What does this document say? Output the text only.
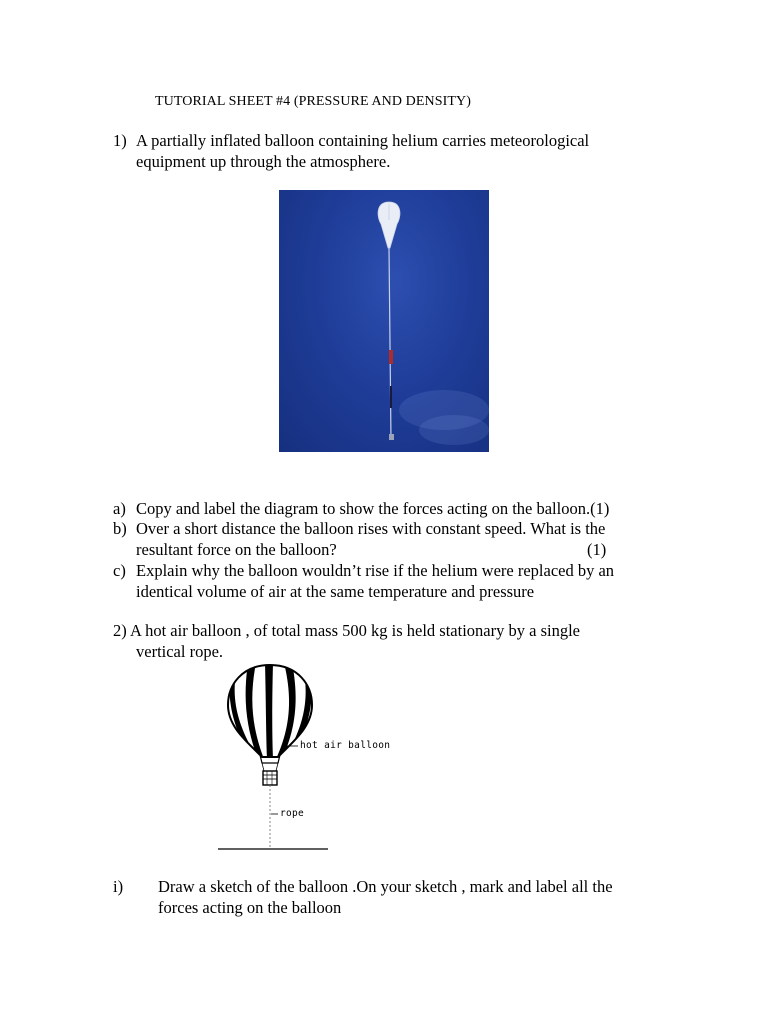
TUTORIAL SHEET #4 (PRESSURE AND DENSITY)
1) A partially inflated balloon containing helium carries meteorological
equipment up through the atmosphere.
a) Copy and label the diagram to show the forces acting on the balloon.(1)
b) Over a short distance the balloon rises with constant speed. What is the
resultant force on the balloon?	(1)
c) Explain why the balloon wouldn’t rise if the helium were replaced by an
identical volume of air at the same temperature and pressure
2) A hot air balloon , of total mass 500 kg is held stationary by a single
vertical rope.
hot air balloon
rope
i) Draw a sketch of the balloon .On your sketch , mark and label all the
forces acting on the balloon
